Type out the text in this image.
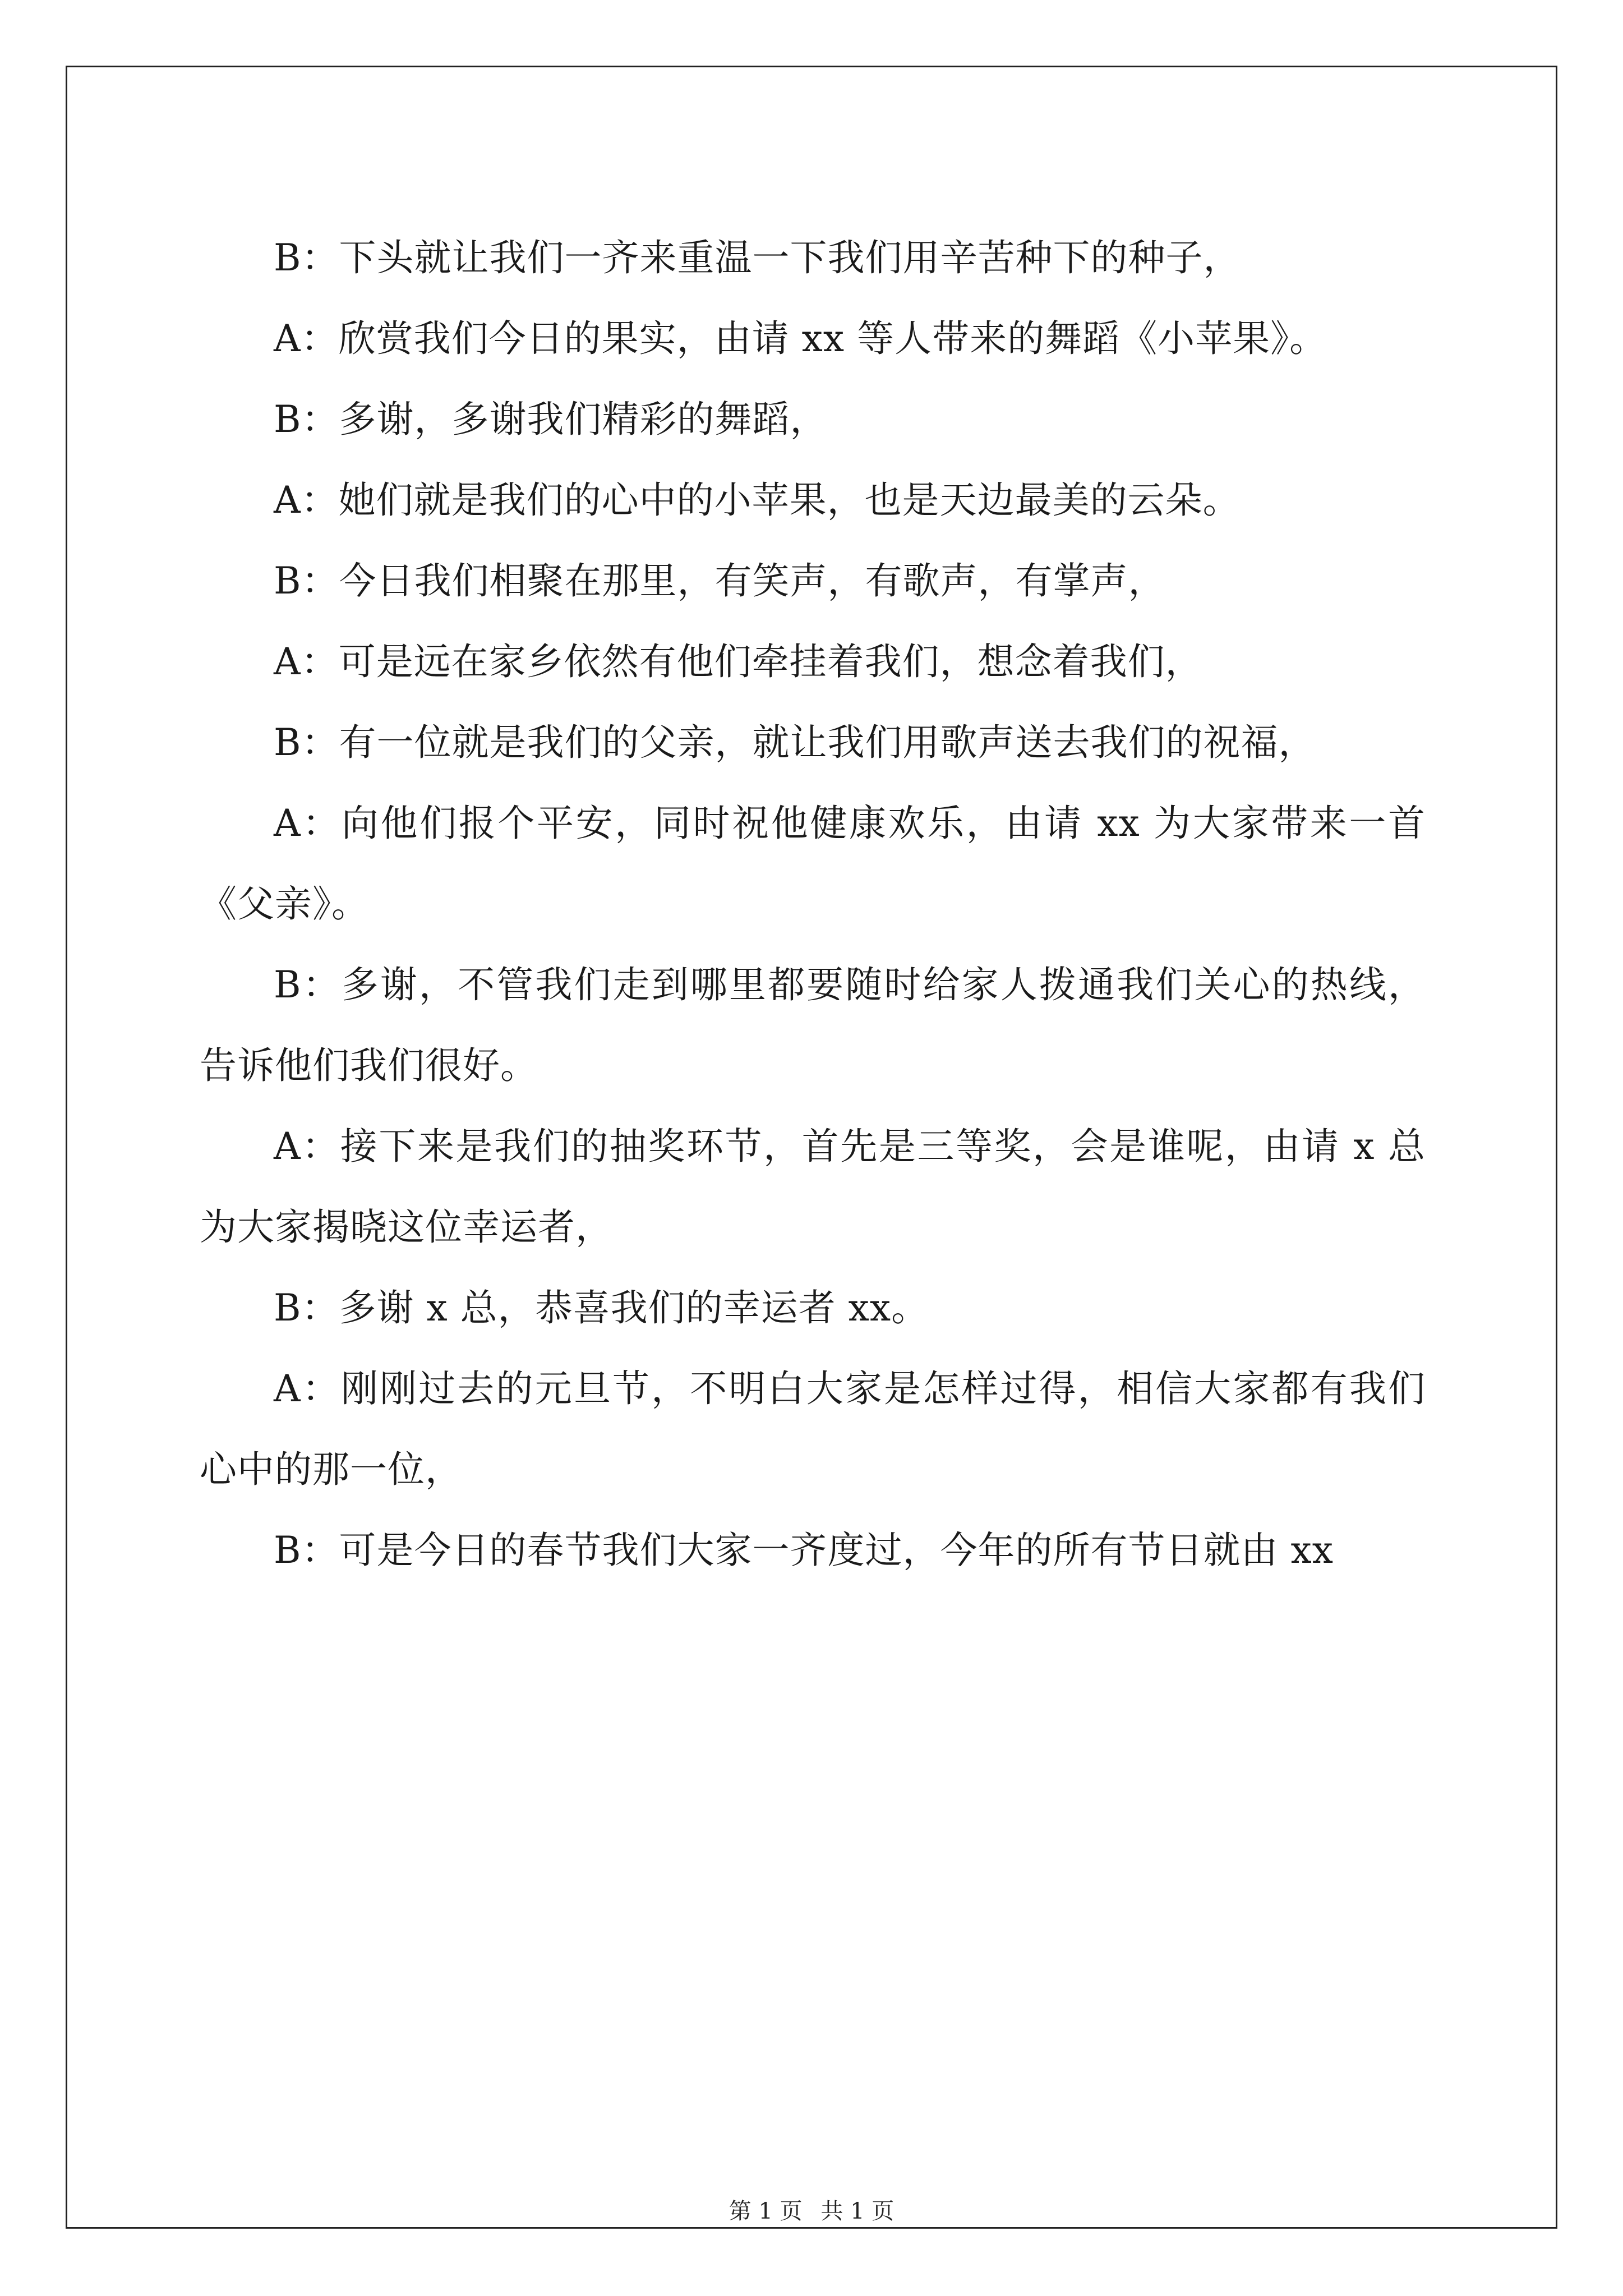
B：下头就让我们一齐来重温一下我们用辛苦种下的种子，

A：欣赏我们今日的果实，由请 xx 等人带来的舞蹈《小苹果》。

B：多谢，多谢我们精彩的舞蹈，

A：她们就是我们的心中的小苹果，也是天边最美的云朵。

B：今日我们相聚在那里，有笑声，有歌声，有掌声，

A：可是远在家乡依然有他们牵挂着我们，想念着我们，

B：有一位就是我们的父亲，就让我们用歌声送去我们的祝福，

A：向他们报个平安，同时祝他健康欢乐，由请 xx 为大家带来一首《父亲》。

B：多谢，不管我们走到哪里都要随时给家人拨通我们关心的热线，告诉他们我们很好。

A：接下来是我们的抽奖环节，首先是三等奖，会是谁呢，由请 x 总为大家揭晓这位幸运者，

B：多谢 x 总，恭喜我们的幸运者 xx。

A：刚刚过去的元旦节，不明白大家是怎样过得，相信大家都有我们心中的那一位，

B：可是今日的春节我们大家一齐度过，今年的所有节日就由 xx

第 1 页 共 1 页
